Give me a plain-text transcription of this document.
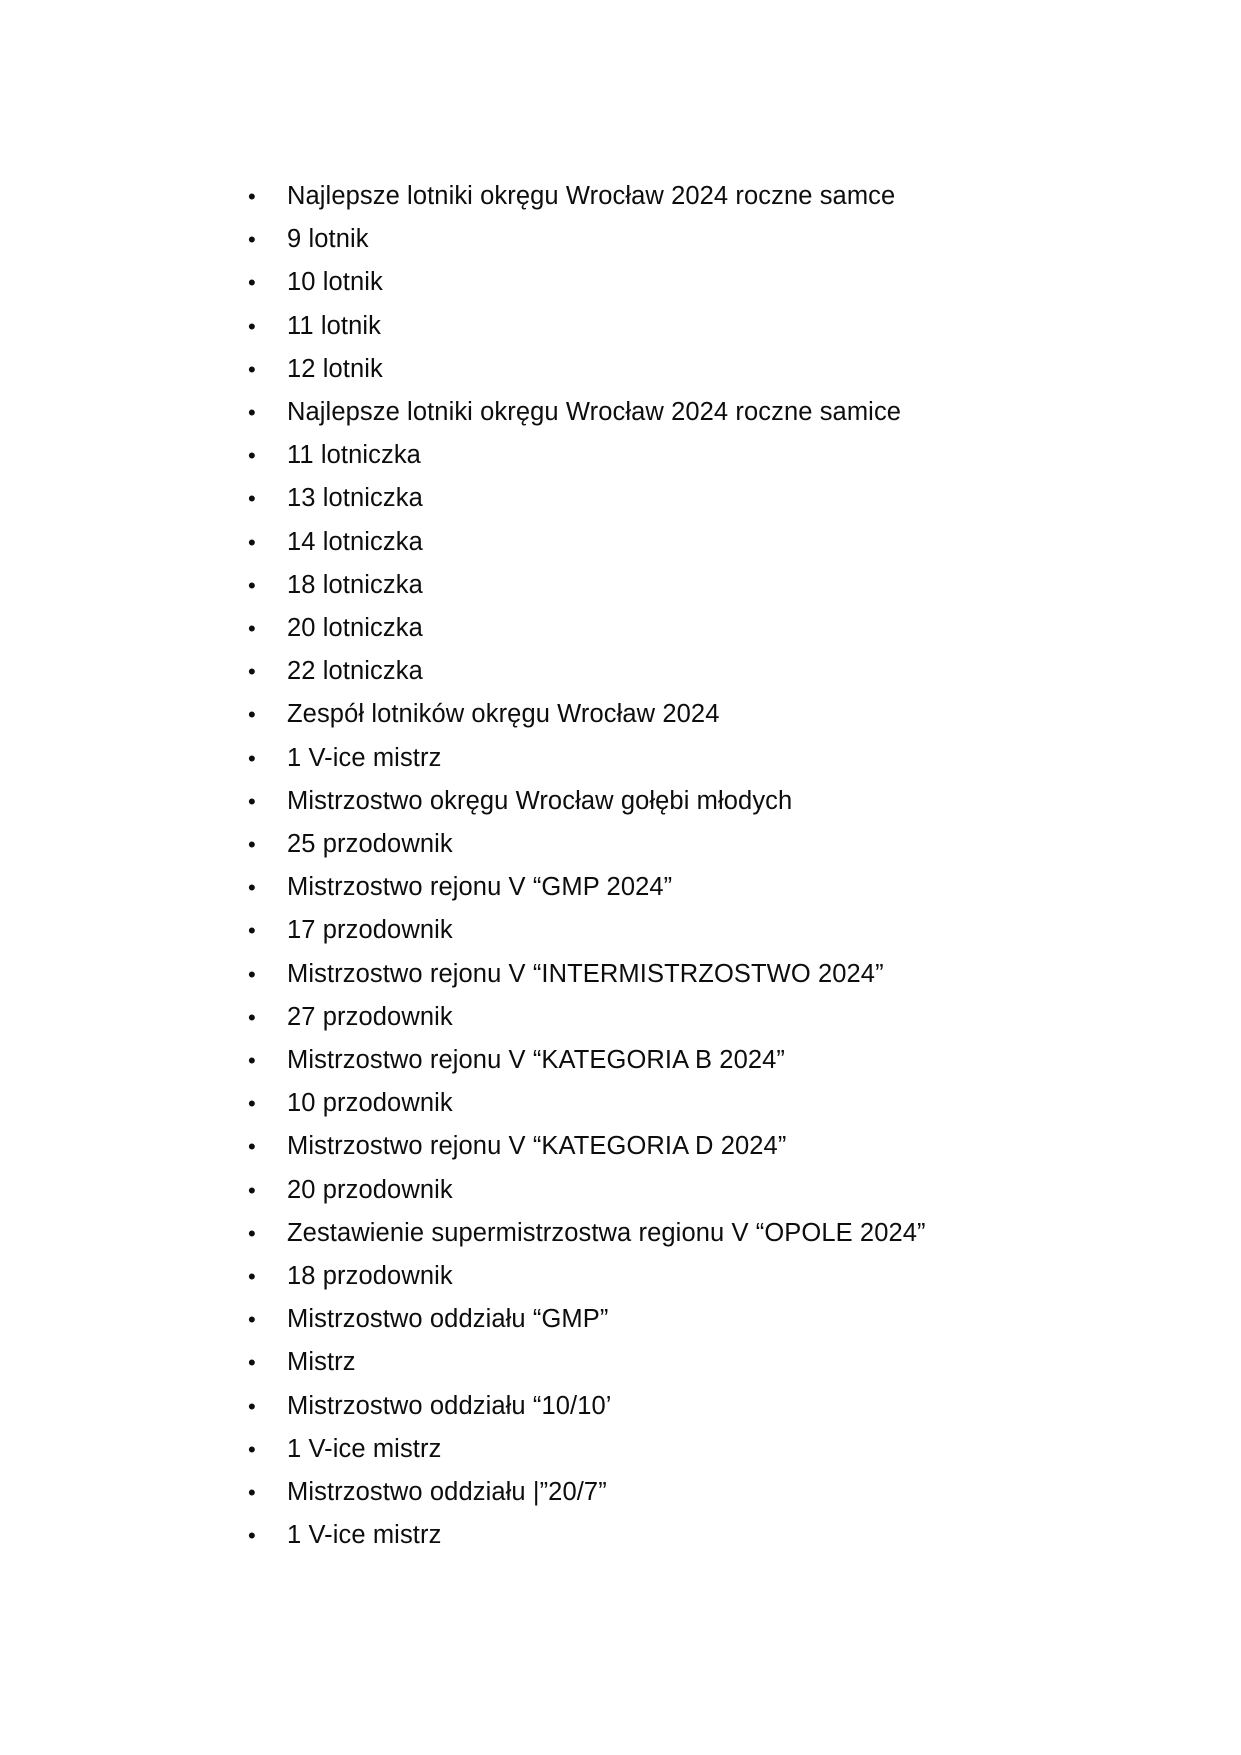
• Najlepsze lotniki okręgu Wrocław 2024 roczne samce
• 9 lotnik
• 10 lotnik
• 11 lotnik
• 12 lotnik
• Najlepsze lotniki okręgu Wrocław 2024 roczne samice
• 11 lotniczka
• 13 lotniczka
• 14 lotniczka
• 18 lotniczka
• 20 lotniczka
• 22 lotniczka
• Zespół lotników okręgu Wrocław 2024
• 1 V-ice mistrz
• Mistrzostwo okręgu Wrocław gołębi młodych
• 25 przodownik
• Mistrzostwo rejonu V “GMP 2024”
• 17 przodownik
• Mistrzostwo rejonu V “INTERMISTRZOSTWO 2024”
• 27 przodownik
• Mistrzostwo rejonu V “KATEGORIA B 2024”
• 10 przodownik
• Mistrzostwo rejonu V “KATEGORIA D 2024”
• 20 przodownik
• Zestawienie supermistrzostwa regionu V “OPOLE 2024”
• 18 przodownik
• Mistrzostwo oddziału “GMP”
• Mistrz
• Mistrzostwo oddziału “10/10’
• 1 V-ice mistrz
• Mistrzostwo oddziału |”20/7”
• 1 V-ice mistrz
